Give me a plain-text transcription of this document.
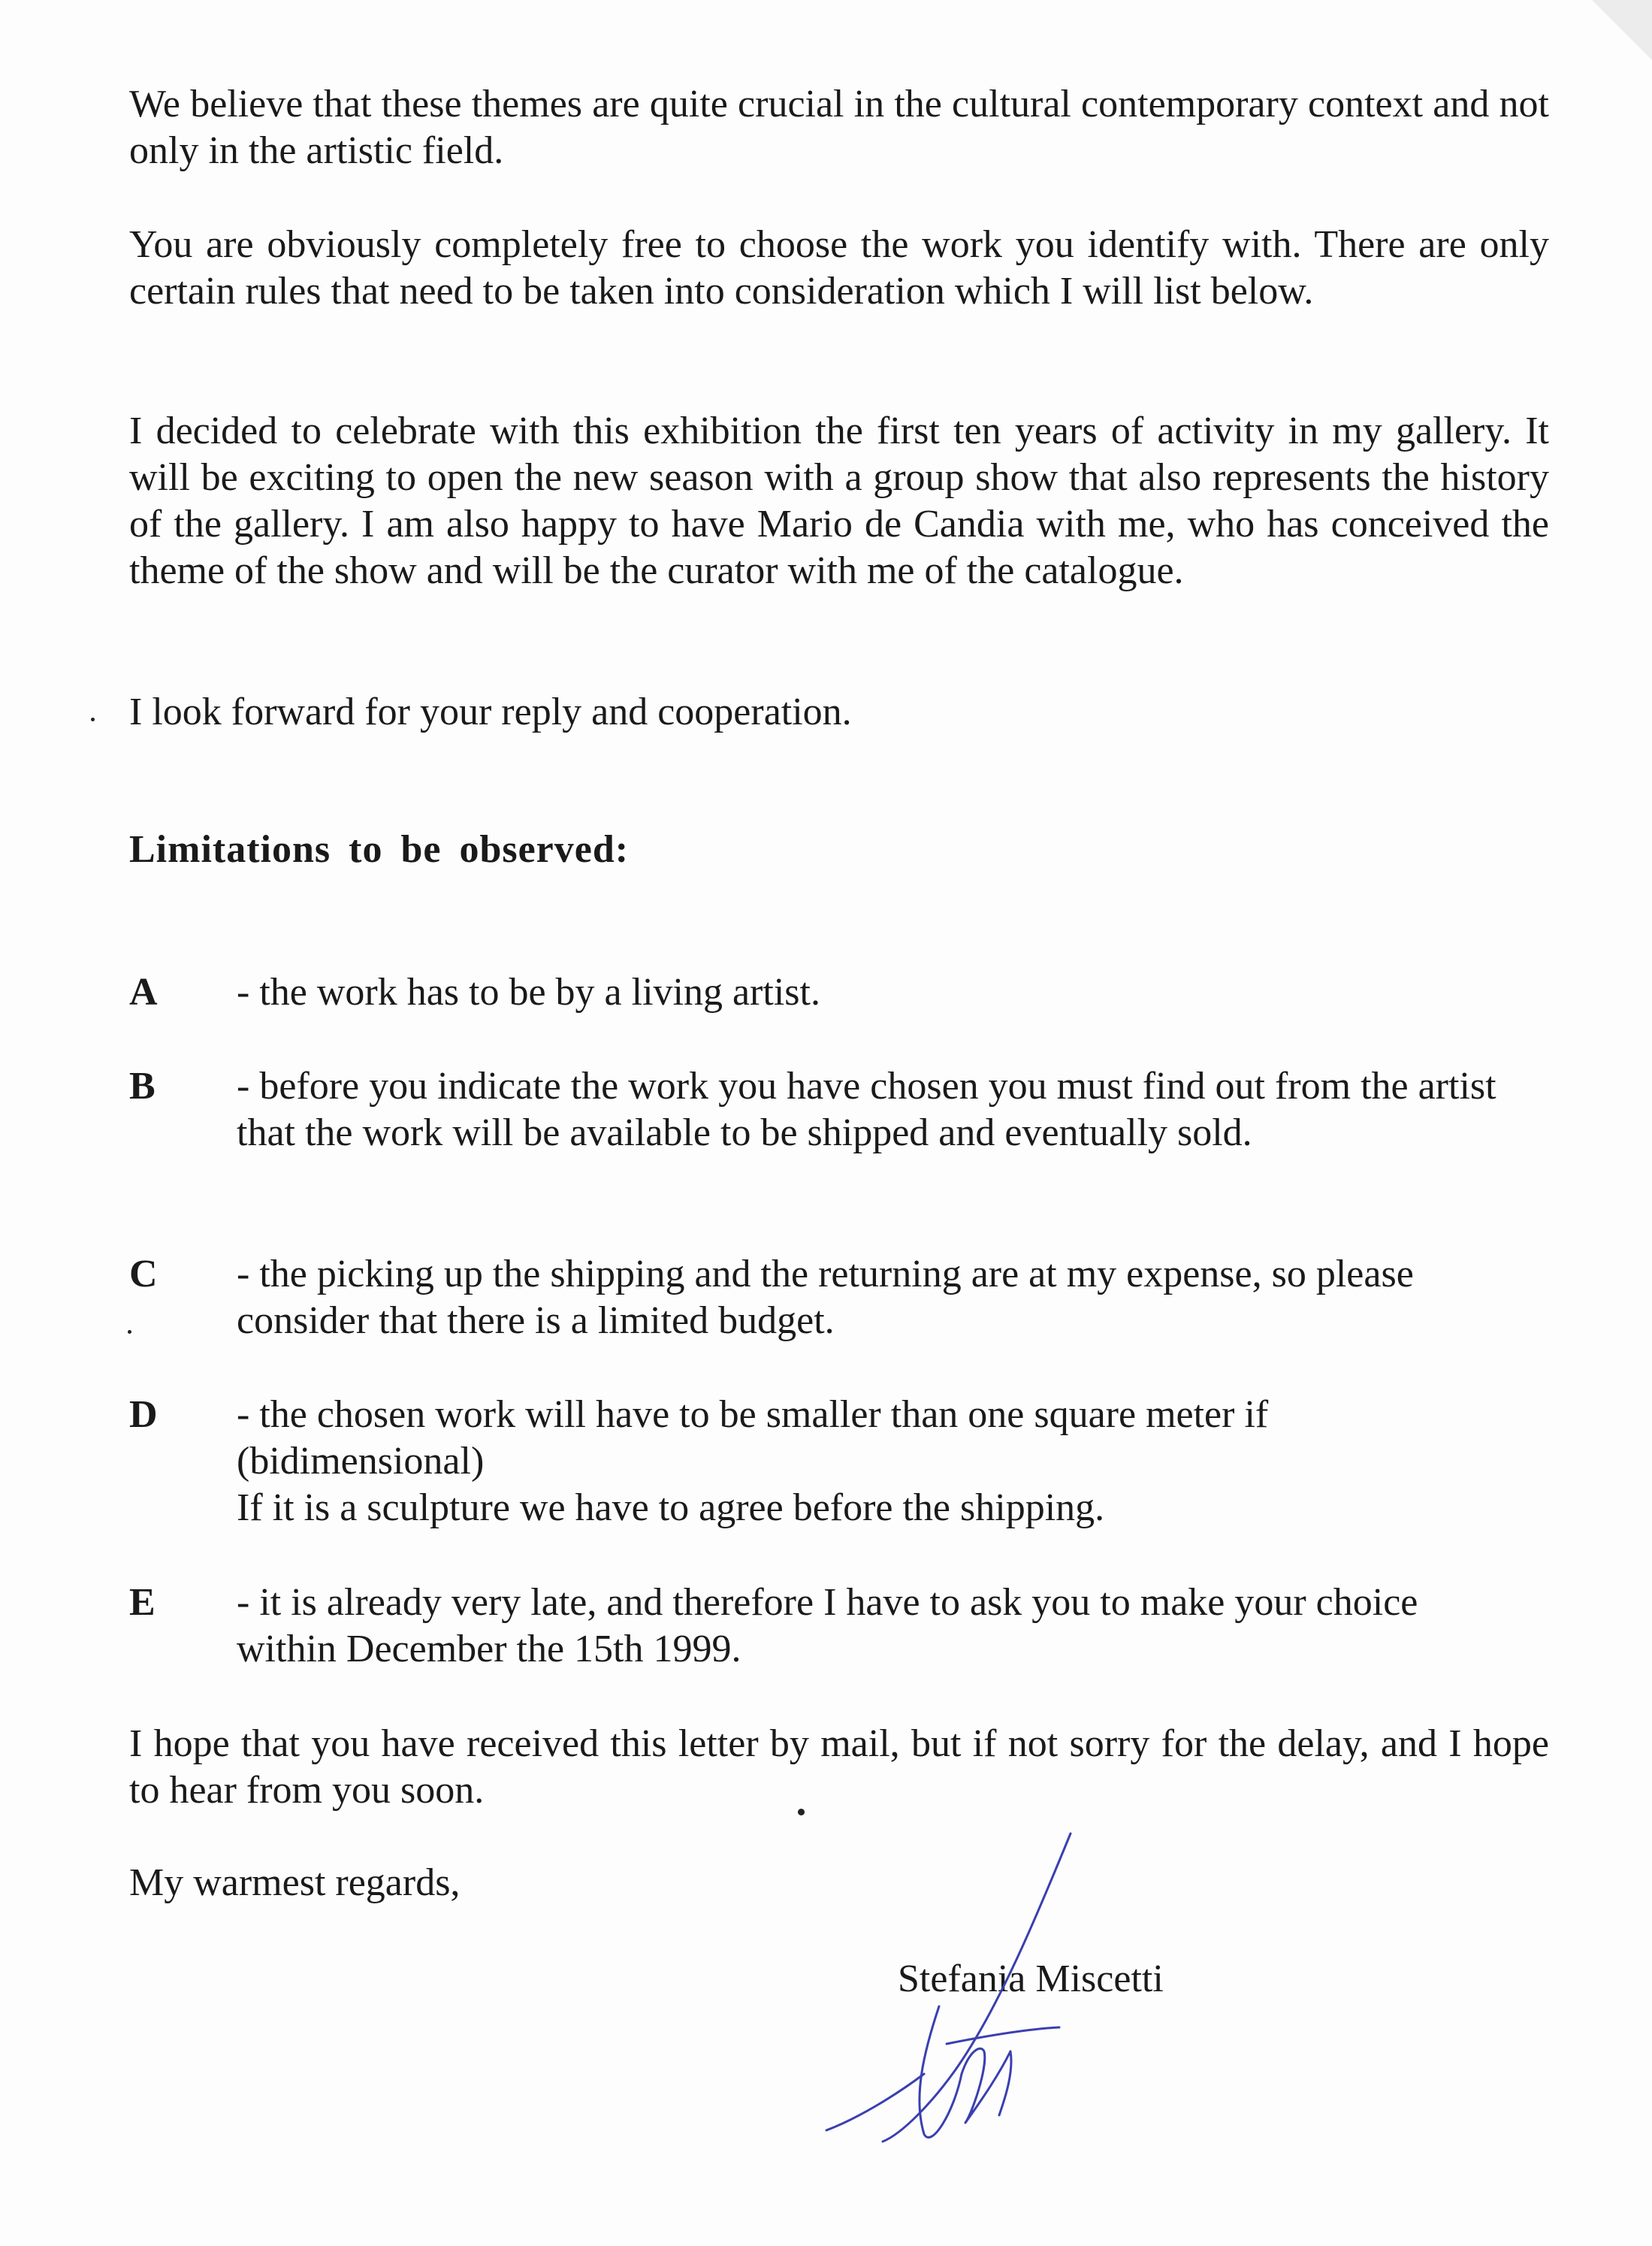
We believe that these themes are quite crucial in the cultural contemporary context and not only in the artistic field.

You are obviously completely free to choose the work you identify with. There are only certain rules that need to be taken into consideration which I will list below.

I decided to celebrate with this exhibition the first ten years of activity in my gallery. It will be exciting to open the new season with a group show that also represents the history of the gallery. I am also happy to have Mario de Candia with me, who has conceived the theme of the show and will be the curator with me of the catalogue.

I look forward for your reply and cooperation.

Limitations to be observed:

A - the work has to be by a living artist.

B - before you indicate the work you have chosen you must find out from the artist that the work will be available to be shipped and eventually sold.

C - the picking up the shipping and the returning are at my expense, so please consider that there is a limited budget.

D - the chosen work will have to be smaller than one square meter if (bidimensional)
If it is a sculpture we have to agree before the shipping.

E - it is already very late, and therefore I have to ask you to make your choice within December the 15th 1999.

I hope that you have received this letter by mail, but if not sorry for the delay, and I hope to hear from you soon.

My warmest regards,

Stefania Miscetti
